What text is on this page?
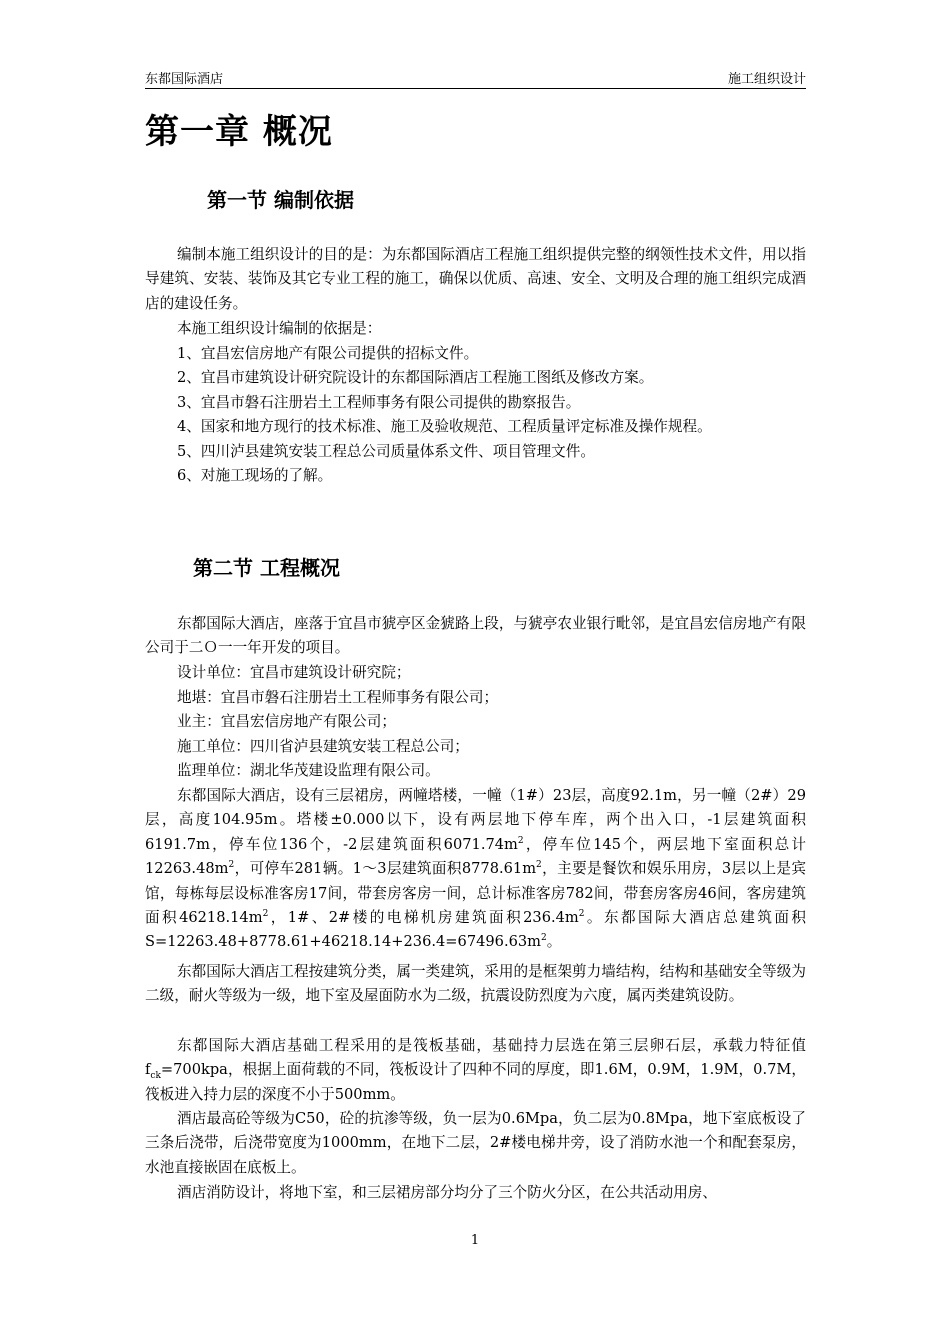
东都国际酒店	施工组织设计
第一章 概况
第一节 编制依据

编制本施工组织设计的目的是：为东都国际酒店工程施工组织提供完整的纲领性技术文件，用以指导建筑、安装、装饰及其它专业工程的施工，确保以优质、高速、安全、文明及合理的施工组织完成酒店的建设任务。

本施工组织设计编制的依据是：

1、宜昌宏信房地产有限公司提供的招标文件。

2、宜昌市建筑设计研究院设计的东都国际酒店工程施工图纸及修改方案。

3、宜昌市磐石注册岩土工程师事务有限公司提供的勘察报告。

4、国家和地方现行的技术标准、施工及验收规范、工程质量评定标准及操作规程。

5、四川泸县建筑安装工程总公司质量体系文件、项目管理文件。

6、对施工现场的了解。

第二节 工程概况

东都国际大酒店，座落于宜昌市猇亭区金猇路上段，与猇亭农业银行毗邻，是宜昌宏信房地产有限公司于二Ｏ一一年开发的项目。

设计单位：宜昌市建筑设计研究院；

地堪：宜昌市磐石注册岩土工程师事务有限公司；

业主：宜昌宏信房地产有限公司；

施工单位：四川省泸县建筑安装工程总公司；

监理单位：湖北华茂建设监理有限公司。

东都国际大酒店，设有三层裙房，两幢塔楼，一幢（1#）23层，高度92.1m，另一幢（2#）29层，高度104.95m。塔楼±0.000以下，设有两层地下停车库，两个出入口，-1层建筑面积6191.7m，停车位136个，-2层建筑面积$6071.74m^2$，停车位145个，两层地下室面积总计$12263.48m^2$，可停车281辆。1～3层建筑面积$8778.61m^2$，主要是餐饮和娱乐用房，3层以上是宾馆，每栋每层设标准客房17间，带套房客房一间，总计标准客房782间，带套房客房46间，客房建筑面积$46218.14m^2$，1#、2#楼的电梯机房建筑面积$236.4m^2$。东都国际大酒店总建筑面积$S=12263.48+8778.61+46218.14+236.4=67496.63m^2$。

东都国际大酒店工程按建筑分类，属一类建筑，采用的是框架剪力墙结构，结构和基础安全等级为二级，耐火等级为一级，地下室及屋面防水为二级，抗震设防烈度为六度，属丙类建筑设防。

东都国际大酒店基础工程采用的是筏板基础，基础持力层选在第三层卵石层，承载力特征值$f_{ck}=700kpa$，根据上面荷载的不同，筏板设计了四种不同的厚度，即1.6M，0.9M，1.9M，0.7M，筏板进入持力层的深度不小于500mm。

酒店最高砼等级为C50，砼的抗渗等级，负一层为0.6Mpa，负二层为0.8Mpa，地下室底板设了三条后浇带，后浇带宽度为1000mm，在地下二层，2#楼电梯井旁，设了消防水池一个和配套泵房，水池直接嵌固在底板上。

酒店消防设计，将地下室，和三层裙房部分均分了三个防火分区，在公共活动用房、

1
